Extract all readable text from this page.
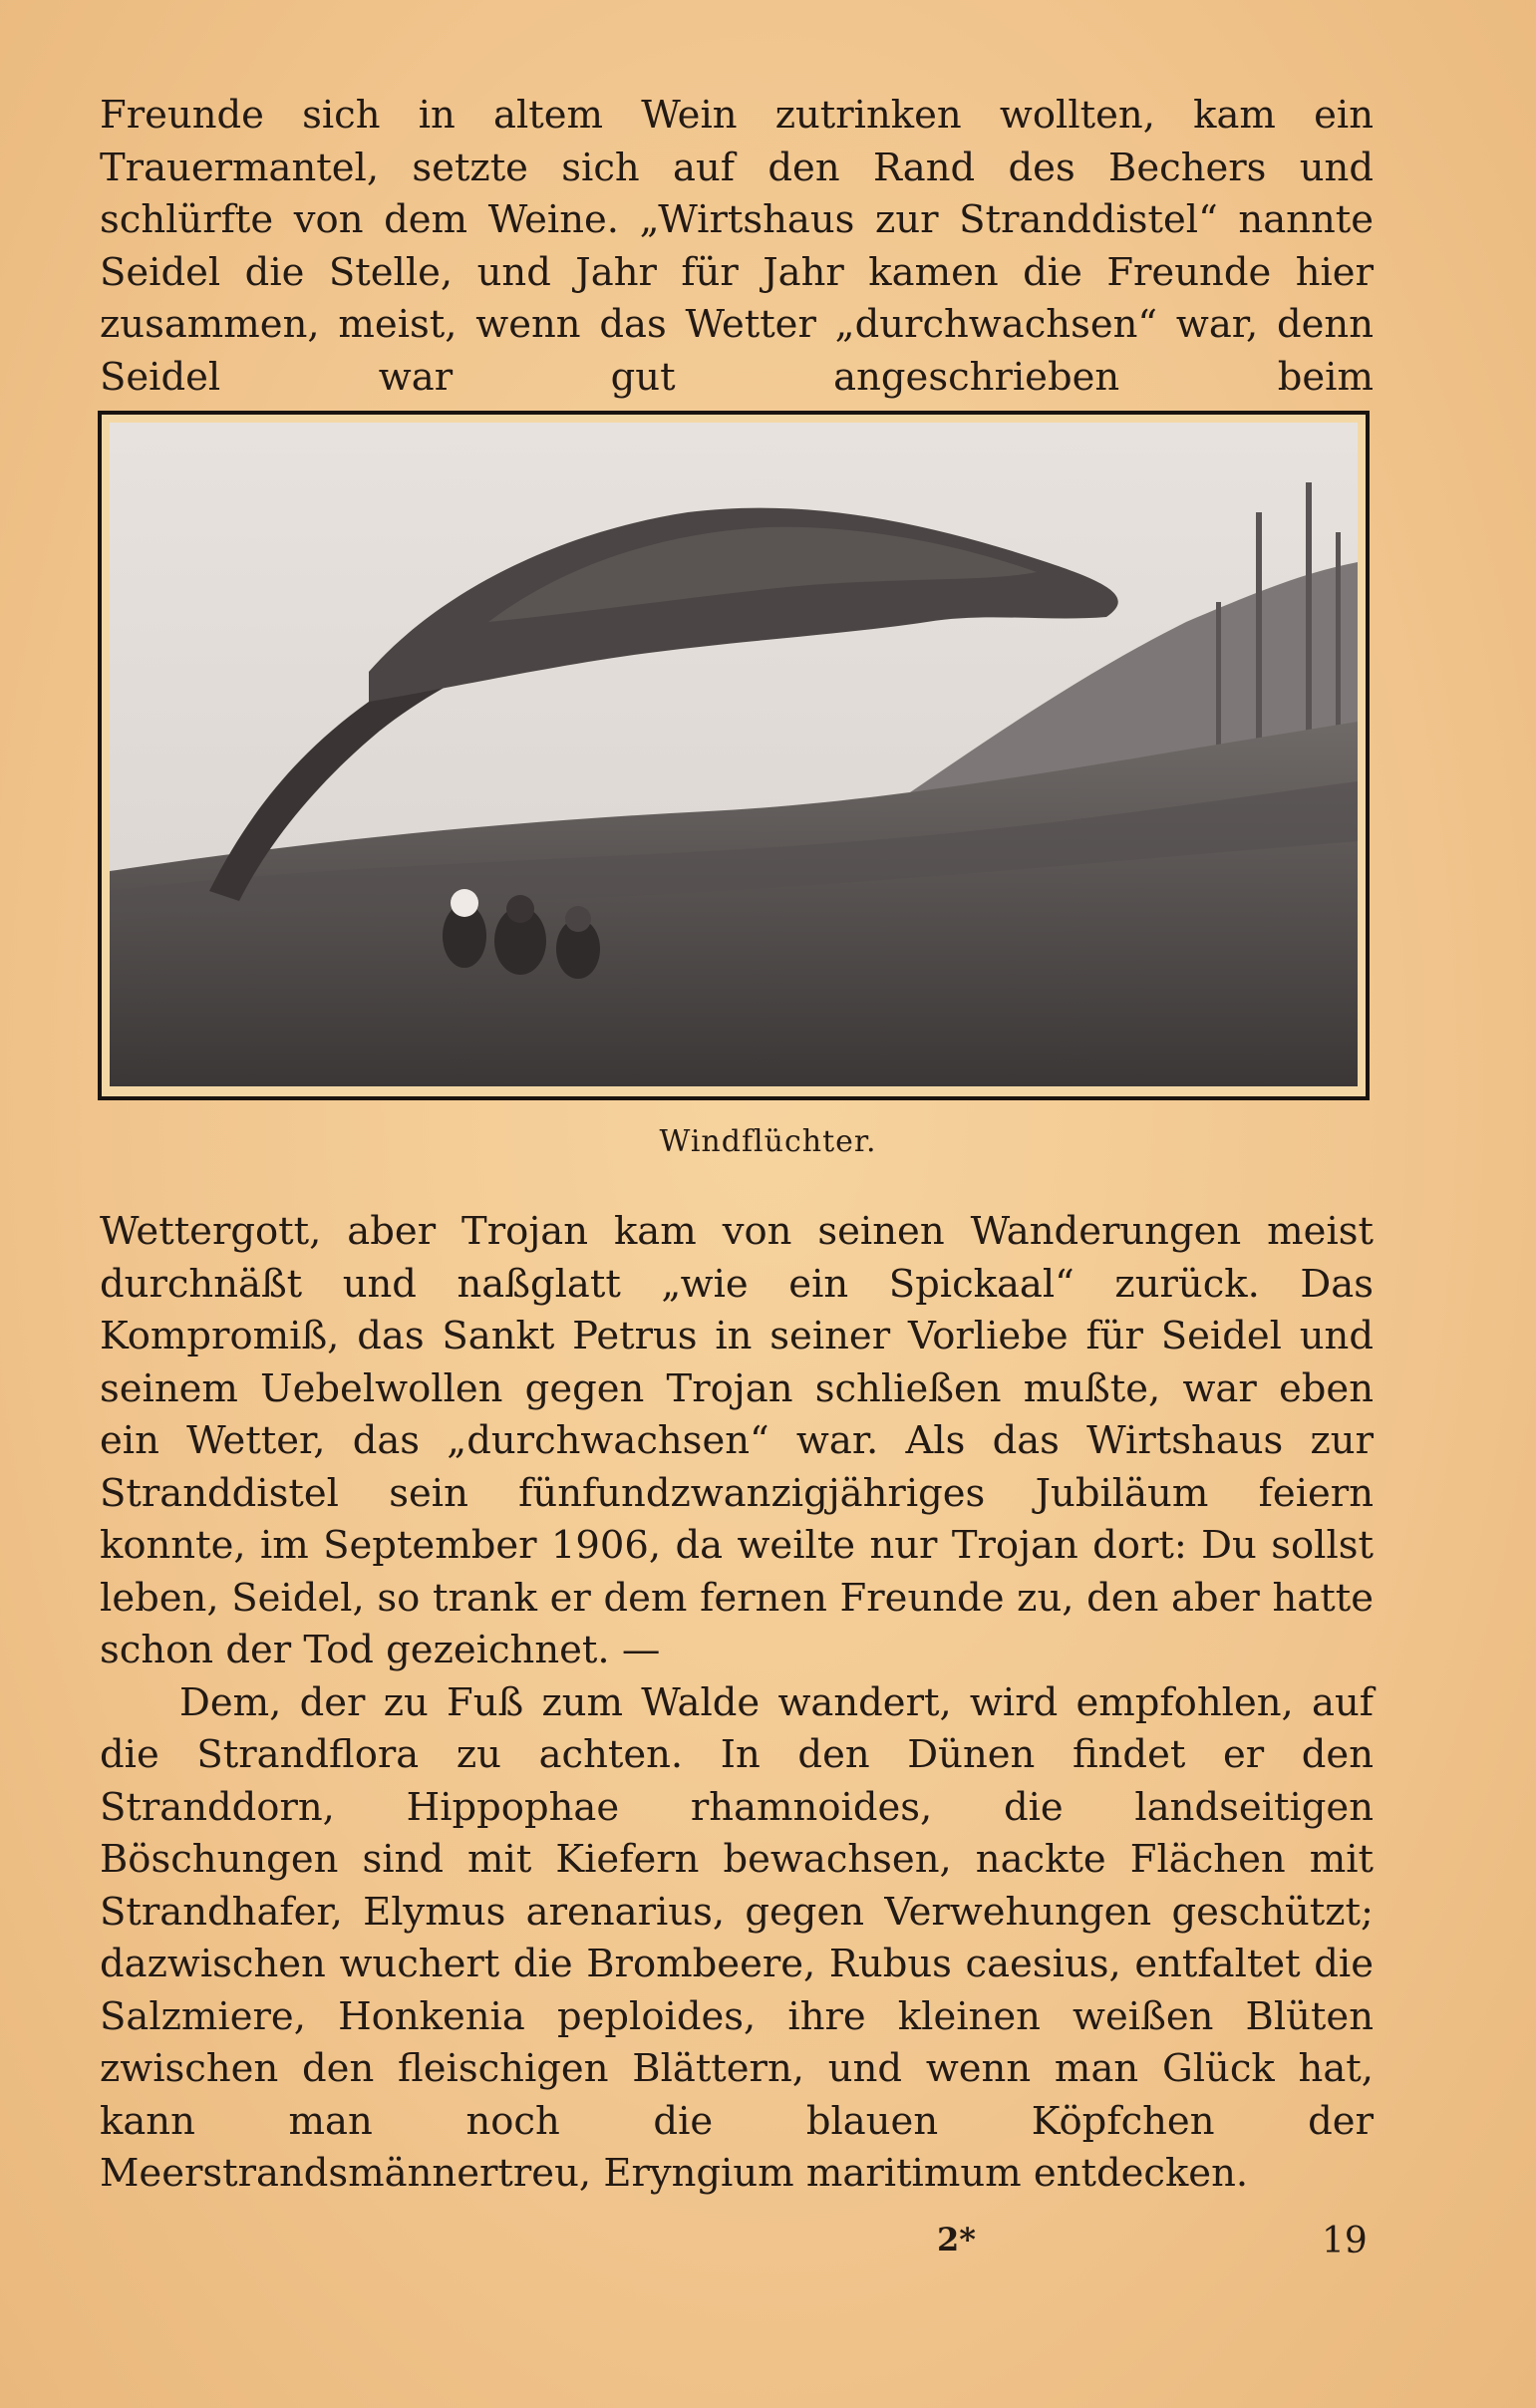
Freunde sich in altem Wein zutrinken wollten, kam ein Trauermantel, setzte sich auf den Rand des Bechers und schlürfte von dem Weine. „Wirtshaus zur Stranddistel“ nannte Seidel die Stelle, und Jahr für Jahr kamen die Freunde hier zusammen, meist, wenn das Wetter „durchwachsen“ war, denn Seidel war gut angeschrieben beim

Windflüchter.

Wettergott, aber Trojan kam von seinen Wanderungen meist durchnäßt und naßglatt „wie ein Spickaal“ zurück. Das Kompromiß, das Sankt Petrus in seiner Vorliebe für Seidel und seinem Uebelwollen gegen Trojan schließen mußte, war eben ein Wetter, das „durchwachsen“ war. Als das Wirtshaus zur Stranddistel sein fünfundzwanzigjähriges Jubiläum feiern konnte, im September 1906, da weilte nur Trojan dort: Du sollst leben, Seidel, so trank er dem fernen Freunde zu, den aber hatte schon der Tod gezeichnet. —

Dem, der zu Fuß zum Walde wandert, wird empfohlen, auf die Strandflora zu achten. In den Dünen findet er den Stranddorn, Hippophae rhamnoides, die landseitigen Böschungen sind mit Kiefern bewachsen, nackte Flächen mit Strandhafer, Elymus arenarius, gegen Verwehungen geschützt; dazwischen wuchert die Brombeere, Rubus caesius, entfaltet die Salzmiere, Honkenia peploides, ihre kleinen weißen Blüten zwischen den fleischigen Blättern, und wenn man Glück hat, kann man noch die blauen Köpfchen der Meerstrandsmännertreu, Eryngium maritimum entdecken.

2*	19
